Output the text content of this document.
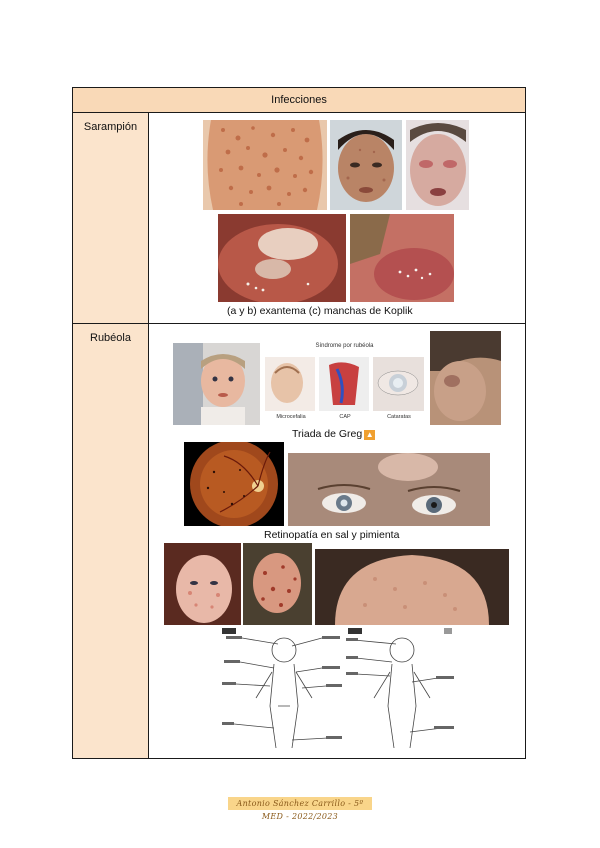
Infecciones
Sarampión
Rubéola
(a y b) exantema (c) manchas de Koplik
Síndrome por rubéola
Microcefalia	CAP	Cataratas
Triada de Greg ▲
Retinopatía en sal y pimienta
Antonio Sánchez Carrillo - 5º MED - 2022/2023
